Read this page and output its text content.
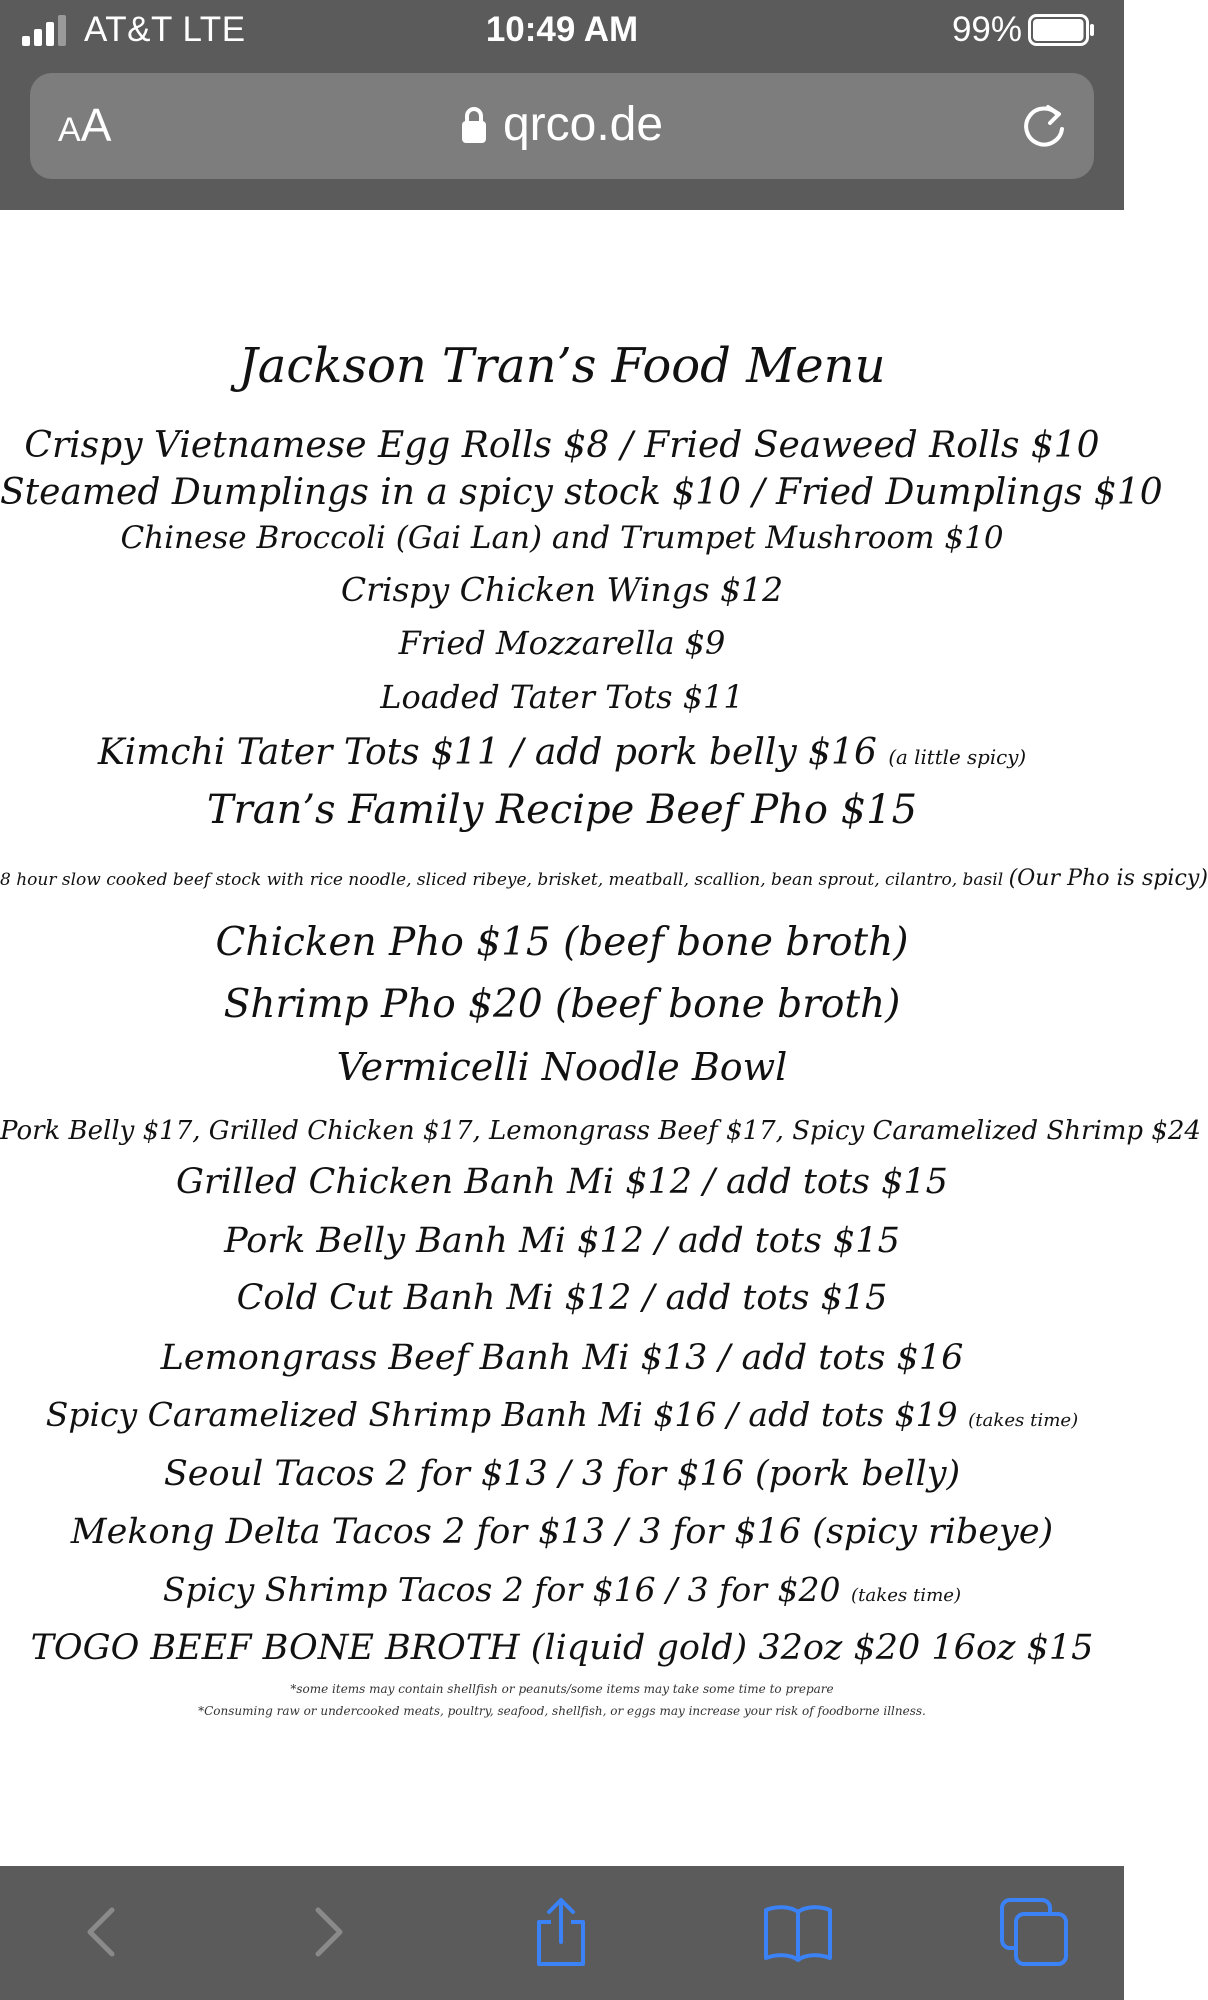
AT&T LTE	10:49 AM	99%
AA	qrco.de
Jackson Tran’s Food Menu
Crispy Vietnamese Egg Rolls $8 / Fried Seaweed Rolls $10
Steamed Dumplings in a spicy stock $10 / Fried Dumplings $10
Chinese Broccoli (Gai Lan) and Trumpet Mushroom $10
Crispy Chicken Wings $12
Fried Mozzarella $9
Loaded Tater Tots $11
Kimchi Tater Tots $11 / add pork belly $16 (a little spicy)
Tran’s Family Recipe Beef Pho $15
8 hour slow cooked beef stock with rice noodle, sliced ribeye, brisket, meatball, scallion, bean sprout, cilantro, basil (Our Pho is spicy)
Chicken Pho $15 (beef bone broth)
Shrimp Pho $20 (beef bone broth)
Vermicelli Noodle Bowl
Pork Belly $17, Grilled Chicken $17, Lemongrass Beef $17, Spicy Caramelized Shrimp $24
Grilled Chicken Banh Mi $12 / add tots $15
Pork Belly Banh Mi $12 / add tots $15
Cold Cut Banh Mi $12 / add tots $15
Lemongrass Beef Banh Mi $13 / add tots $16
Spicy Caramelized Shrimp Banh Mi $16 / add tots $19 (takes time)
Seoul Tacos 2 for $13 / 3 for $16 (pork belly)
Mekong Delta Tacos 2 for $13 / 3 for $16 (spicy ribeye)
Spicy Shrimp Tacos 2 for $16 / 3 for $20 (takes time)
TOGO BEEF BONE BROTH (liquid gold) 32oz $20 16oz $15
*some items may contain shellfish or peanuts/some items may take some time to prepare
*Consuming raw or undercooked meats, poultry, seafood, shellfish, or eggs may increase your risk of foodborne illness.
